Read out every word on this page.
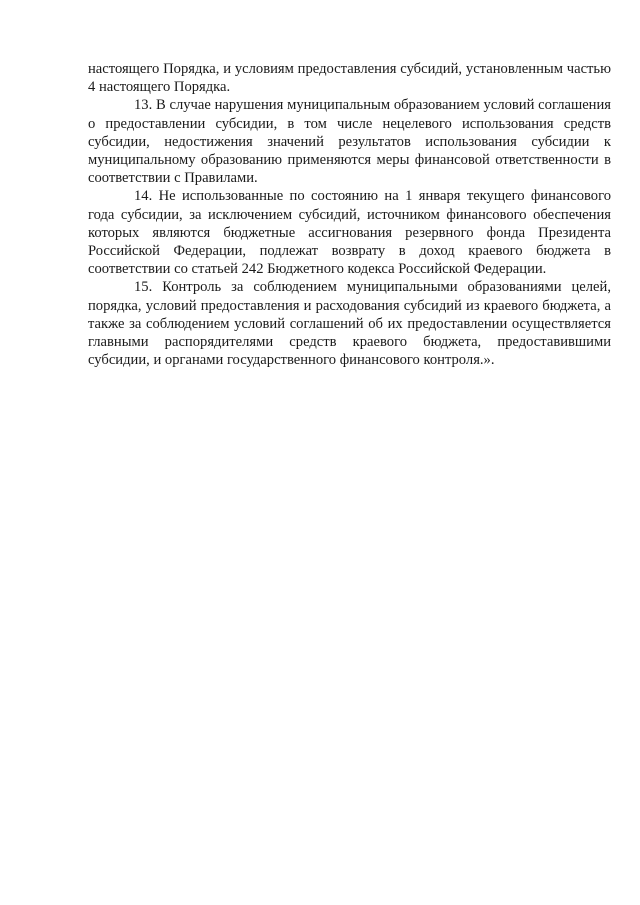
настоящего Порядка, и условиям предоставления субсидий, установленным частью 4 настоящего Порядка.

13. В случае нарушения муниципальным образованием условий соглашения о предоставлении субсидии, в том числе нецелевого использования средств субсидии, недостижения значений результатов использования субсидии к муниципальному образованию применяются меры финансовой ответственности в соответствии с Правилами.

14. Не использованные по состоянию на 1 января текущего финансового года субсидии, за исключением субсидий, источником финансового обеспечения которых являются бюджетные ассигнования резервного фонда Президента Российской Федерации, подлежат возврату в доход краевого бюджета в соответствии со статьей 242 Бюджетного кодекса Российской Федерации.

15. Контроль за соблюдением муниципальными образованиями целей, порядка, условий предоставления и расходования субсидий из краевого бюджета, а также за соблюдением условий соглашений об их предоставлении осуществляется главными распорядителями средств краевого бюджета, предоставившими субсидии, и органами государственного финансового контроля.».
